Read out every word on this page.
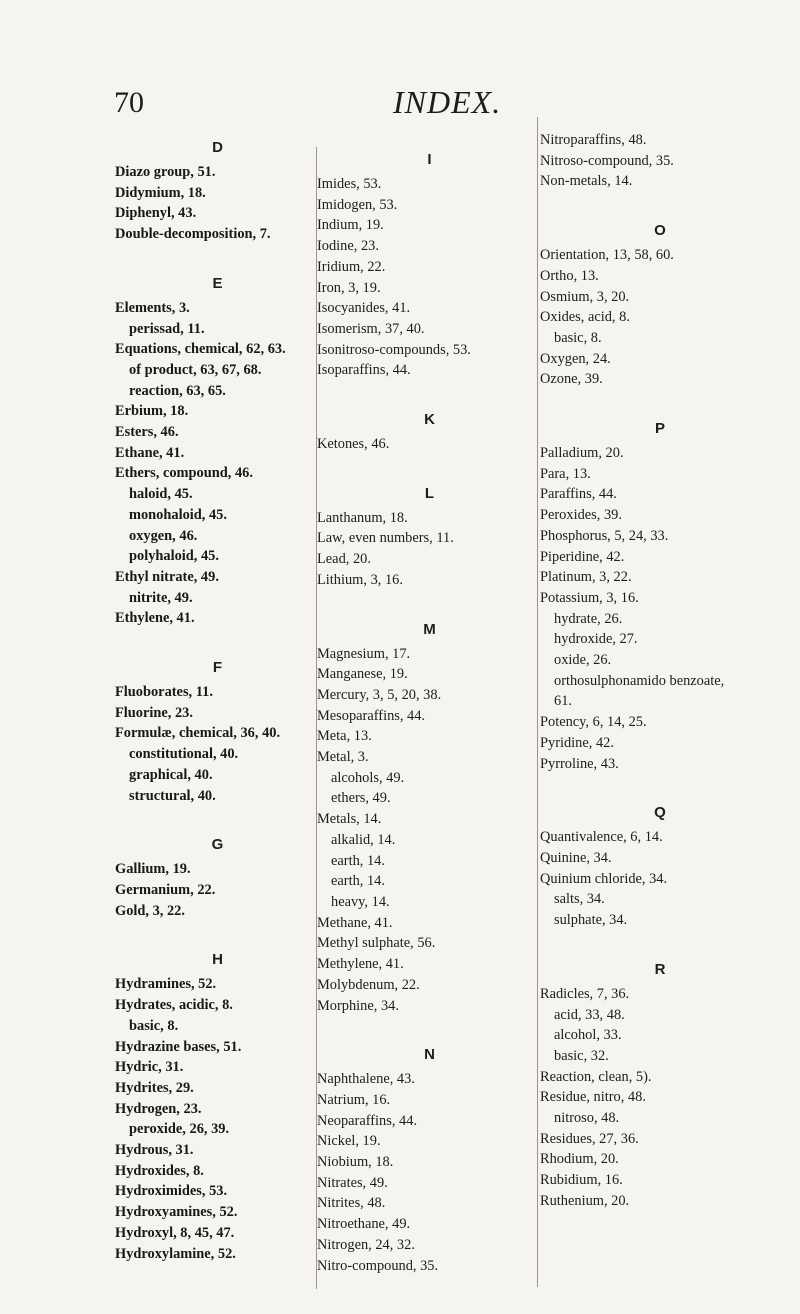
70	INDEX.
D
Diazo group, 51.
Didymium, 18.
Diphenyl, 43.
Double-decomposition, 7.
E
Elements, 3.
perissad, 11.
Equations, chemical, 62, 63.
of product, 63, 67, 68.
reaction, 63, 65.
Erbium, 18.
Esters, 46.
Ethane, 41.
Ethers, compound, 46.
haloid, 45.
monohaloid, 45.
oxygen, 46.
polyhaloid, 45.
Ethyl nitrate, 49.
nitrite, 49.
Ethylene, 41.
F
Fluoborates, 11.
Fluorine, 23.
Formulæ, chemical, 36, 40.
constitutional, 40.
graphical, 40.
structural, 40.
G
Gallium, 19.
Germanium, 22.
Gold, 3, 22.
H
Hydramines, 52.
Hydrates, acidic, 8.
basic, 8.
Hydrazine bases, 51.
Hydric, 31.
Hydrites, 29.
Hydrogen, 23.
peroxide, 26, 39.
Hydrous, 31.
Hydroxides, 8.
Hydroximides, 53.
Hydroxyamines, 52.
Hydroxyl, 8, 45, 47.
Hydroxylamine, 52.
I
Imides, 53.
Imidogen, 53.
Indium, 19.
Iodine, 23.
Iridium, 22.
Iron, 3, 19.
Isocyanides, 41.
Isomerism, 37, 40.
Isonitroso-compounds, 53.
Isoparaffins, 44.
K
Ketones, 46.
L
Lanthanum, 18.
Law, even numbers, 11.
Lead, 20.
Lithium, 3, 16.
M
Magnesium, 17.
Manganese, 19.
Mercury, 3, 5, 20, 38.
Mesoparaffins, 44.
Meta, 13.
Metal, 3.
alcohols, 49.
ethers, 49.
Metals, 14.
alkalid, 14.
earth, 14.
earth, 14.
heavy, 14.
Methane, 41.
Methyl sulphate, 56.
Methylene, 41.
Molybdenum, 22.
Morphine, 34.
N
Naphthalene, 43.
Natrium, 16.
Neoparaffins, 44.
Nickel, 19.
Niobium, 18.
Nitrates, 49.
Nitrites, 48.
Nitroethane, 49.
Nitrogen, 24, 32.
Nitro-compound, 35.
Nitroparaffins, 48.
Nitroso-compound, 35.
Non-metals, 14.
O
Orientation, 13, 58, 60.
Ortho, 13.
Osmium, 3, 20.
Oxides, acid, 8.
basic, 8.
Oxygen, 24.
Ozone, 39.
P
Palladium, 20.
Para, 13.
Paraffins, 44.
Peroxides, 39.
Phosphorus, 5, 24, 33.
Piperidine, 42.
Platinum, 3, 22.
Potassium, 3, 16.
hydrate, 26.
hydroxide, 27.
oxide, 26.
orthosulphonamido benzoate,
61.
Potency, 6, 14, 25.
Pyridine, 42.
Pyrroline, 43.
Q
Quantivalence, 6, 14.
Quinine, 34.
Quinium chloride, 34.
salts, 34.
sulphate, 34.
R
Radicles, 7, 36.
acid, 33, 48.
alcohol, 33.
basic, 32.
Reaction, clean, 5).
Residue, nitro, 48.
nitroso, 48.
Residues, 27, 36.
Rhodium, 20.
Rubidium, 16.
Ruthenium, 20.
